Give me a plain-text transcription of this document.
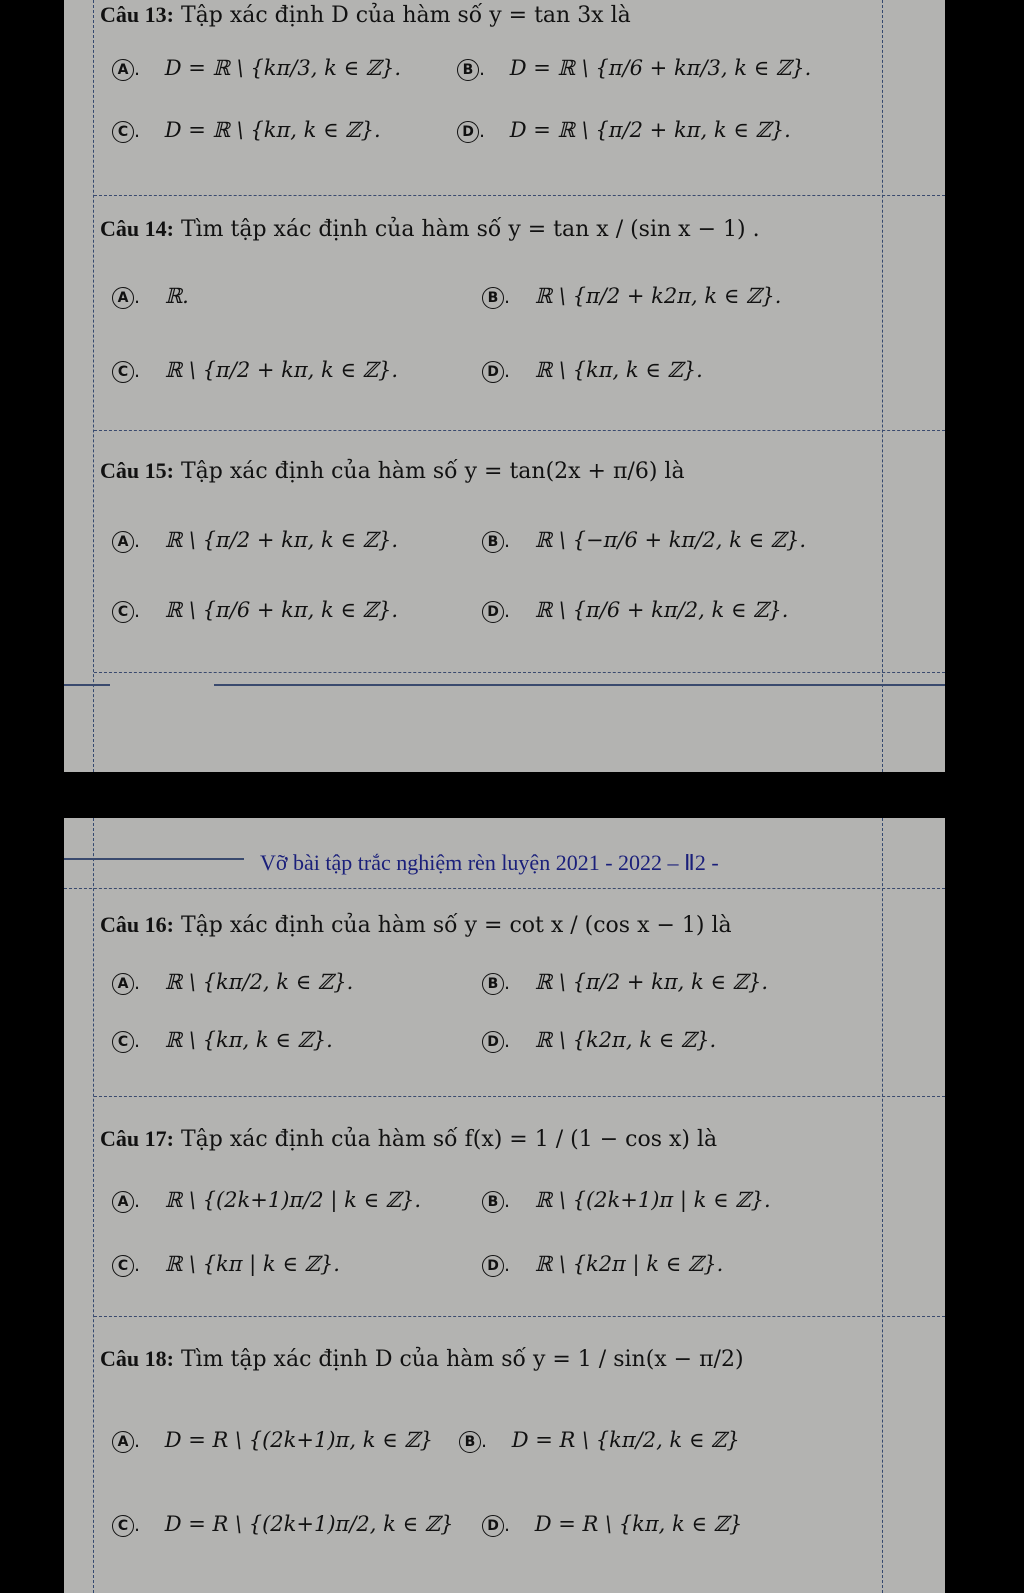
Câu 13: Tập xác định D của hàm số y = tan 3x là
A . D = ℝ \ {kπ/3, k ∈ ℤ}.	B . D = ℝ \ {π/6 + kπ/3, k ∈ ℤ}.
C . D = ℝ \ {kπ, k ∈ ℤ}.	D . D = ℝ \ {π/2 + kπ, k ∈ ℤ}.
Câu 14: Tìm tập xác định của hàm số y = tan x / (sin x − 1) .
A . ℝ.	B . ℝ \ {π/2 + k2π, k ∈ ℤ}.
C . ℝ \ {π/2 + kπ, k ∈ ℤ}.	D . ℝ \ {kπ, k ∈ ℤ}.
Câu 15: Tập xác định của hàm số y = tan(2x + π/6) là
A . ℝ \ {π/2 + kπ, k ∈ ℤ}.	B . ℝ \ {−π/6 + kπ/2, k ∈ ℤ}.
C . ℝ \ {π/6 + kπ, k ∈ ℤ}.	D . ℝ \ {π/6 + kπ/2, k ∈ ℤ}.
Vỡ bài tập trắc nghiệm rèn luyện 2021 - 2022 – Ⅱ2 -
Câu 16: Tập xác định của hàm số y = cot x / (cos x − 1) là
A . ℝ \ {kπ/2, k ∈ ℤ}.	B . ℝ \ {π/2 + kπ, k ∈ ℤ}.
C . ℝ \ {kπ, k ∈ ℤ}.	D . ℝ \ {k2π, k ∈ ℤ}.
Câu 17: Tập xác định của hàm số f(x) = 1 / (1 − cos x) là
A . ℝ \ {(2k+1)π/2 | k ∈ ℤ}.	B . ℝ \ {(2k+1)π | k ∈ ℤ}.
C . ℝ \ {kπ | k ∈ ℤ}.	D . ℝ \ {k2π | k ∈ ℤ}.
Câu 18: Tìm tập xác định D của hàm số y = 1 / sin(x − π/2)
A . D = R \ {(2k+1)π, k ∈ ℤ}	B . D = R \ {kπ/2, k ∈ ℤ}
C . D = R \ {(2k+1)π/2, k ∈ ℤ}	D . D = R \ {kπ, k ∈ ℤ}
